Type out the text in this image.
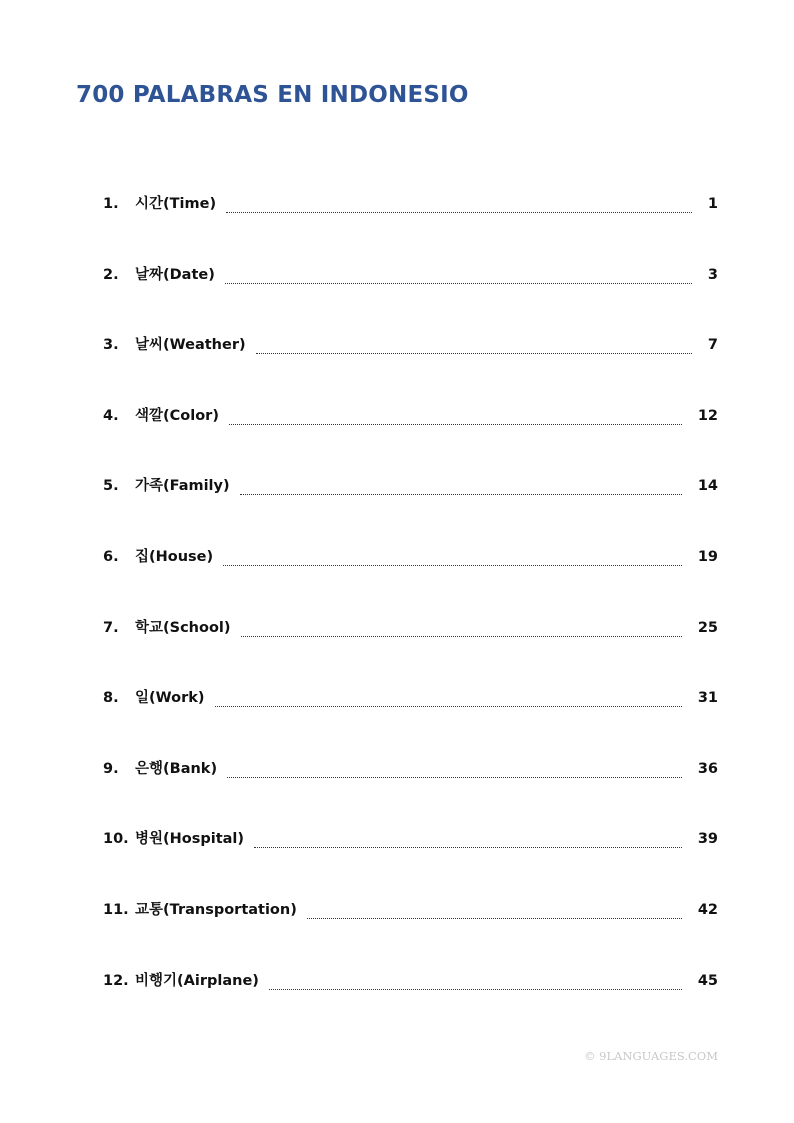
700 PALABRAS EN INDONESIO
1.	시간(Time)	1
2.	날짜(Date)	3
3.	날씨(Weather)	7
4.	색깔(Color)	12
5.	가족(Family)	14
6.	집(House)	19
7.	학교(School)	25
8.	일(Work)	31
9.	은행(Bank)	36
10. 병원(Hospital)	39
11. 교통(Transportation)	42
12. 비행기(Airplane)	45
© 9LANGUAGES.COM
